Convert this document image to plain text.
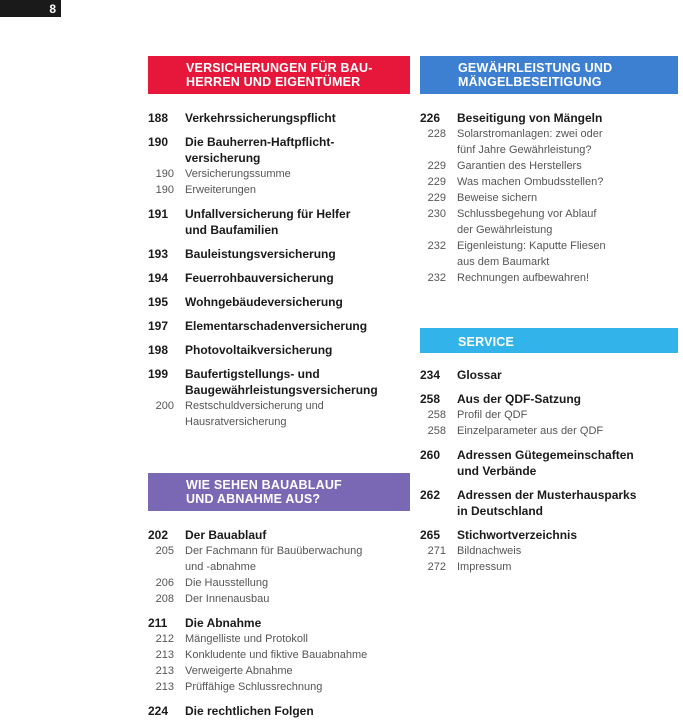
8
VERSICHERUNGEN FÜR BAU-
HERREN UND EIGENTÜMER
188	Verkehrssicherungspflicht
190	Die Bauherren-Haftpflicht-
versicherung
190	Versicherungssumme
190	Erweiterungen
191	Unfallversicherung für Helfer
und Baufamilien
193	Bauleistungsversicherung
194	Feuerrohbauversicherung
195	Wohngebäudeversicherung
197	Elementarschadenversicherung
198	Photovoltaikversicherung
199	Baufertigstellungs- und
Baugewährleistungsversicherung
200	Restschuldversicherung und
Hausratversicherung
WIE SEHEN BAUABLAUF
UND ABNAHME AUS?
202	Der Bauablauf
205	Der Fachmann für Bauüberwachung
und -abnahme
206	Die Hausstellung
208	Der Innenausbau
211	Die Abnahme
212	Mängelliste und Protokoll
213	Konkludente und fiktive Bauabnahme
213	Verweigerte Abnahme
213	Prüffähige Schlussrechnung
224	Die rechtlichen Folgen
GEWÄHRLEISTUNG UND
MÄNGELBESEITIGUNG
226	Beseitigung von Mängeln
228	Solarstromanlagen: zwei oder
fünf Jahre Gewährleistung?
229	Garantien des Herstellers
229	Was machen Ombudsstellen?
229	Beweise sichern
230	Schlussbegehung vor Ablauf
der Gewährleistung
232	Eigenleistung: Kaputte Fliesen
aus dem Baumarkt
232	Rechnungen aufbewahren!
SERVICE
234	Glossar
258	Aus der QDF-Satzung
258	Profil der QDF
258	Einzelparameter aus der QDF
260	Adressen Gütegemeinschaften
und Verbände
262	Adressen der Musterhausparks
in Deutschland
265	Stichwortverzeichnis
271	Bildnachweis
272	Impressum
